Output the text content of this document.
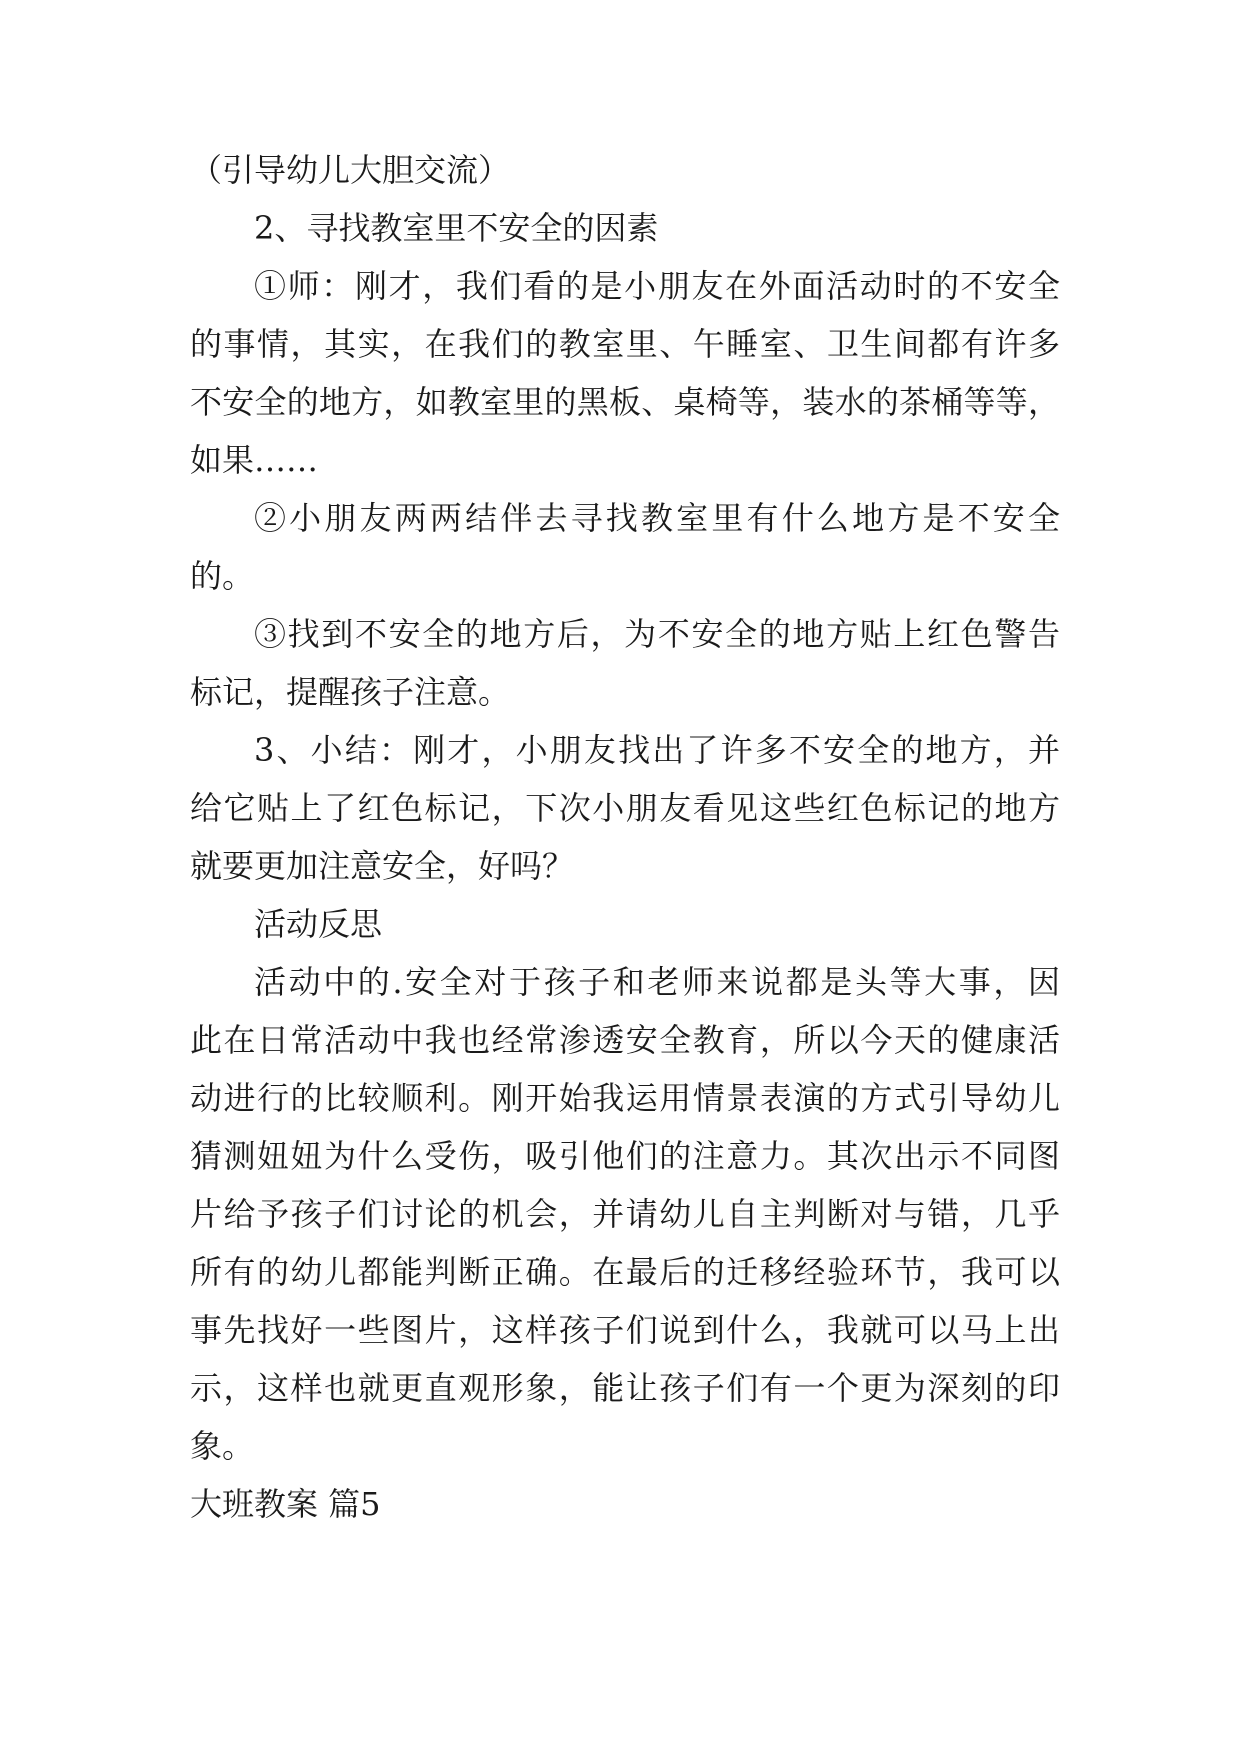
（引导幼儿大胆交流）
2、寻找教室里不安全的因素
①师：刚才，我们看的是小朋友在外面活动时的不安全
的事情，其实，在我们的教室里、午睡室、卫生间都有许多
不安全的地方，如教室里的黑板、桌椅等，装水的茶桶等等，
如果……
②小朋友两两结伴去寻找教室里有什么地方是不安全
的。
③找到不安全的地方后，为不安全的地方贴上红色警告
标记，提醒孩子注意。
3、小结：刚才，小朋友找出了许多不安全的地方，并
给它贴上了红色标记，下次小朋友看见这些红色标记的地方
就要更加注意安全，好吗？
活动反思
活动中的.安全对于孩子和老师来说都是头等大事，因
此在日常活动中我也经常渗透安全教育，所以今天的健康活
动进行的比较顺利。刚开始我运用情景表演的方式引导幼儿
猜测妞妞为什么受伤，吸引他们的注意力。其次出示不同图
片给予孩子们讨论的机会，并请幼儿自主判断对与错，几乎
所有的幼儿都能判断正确。在最后的迁移经验环节，我可以
事先找好一些图片，这样孩子们说到什么，我就可以马上出
示，这样也就更直观形象，能让孩子们有一个更为深刻的印
象。
大班教案 篇5
